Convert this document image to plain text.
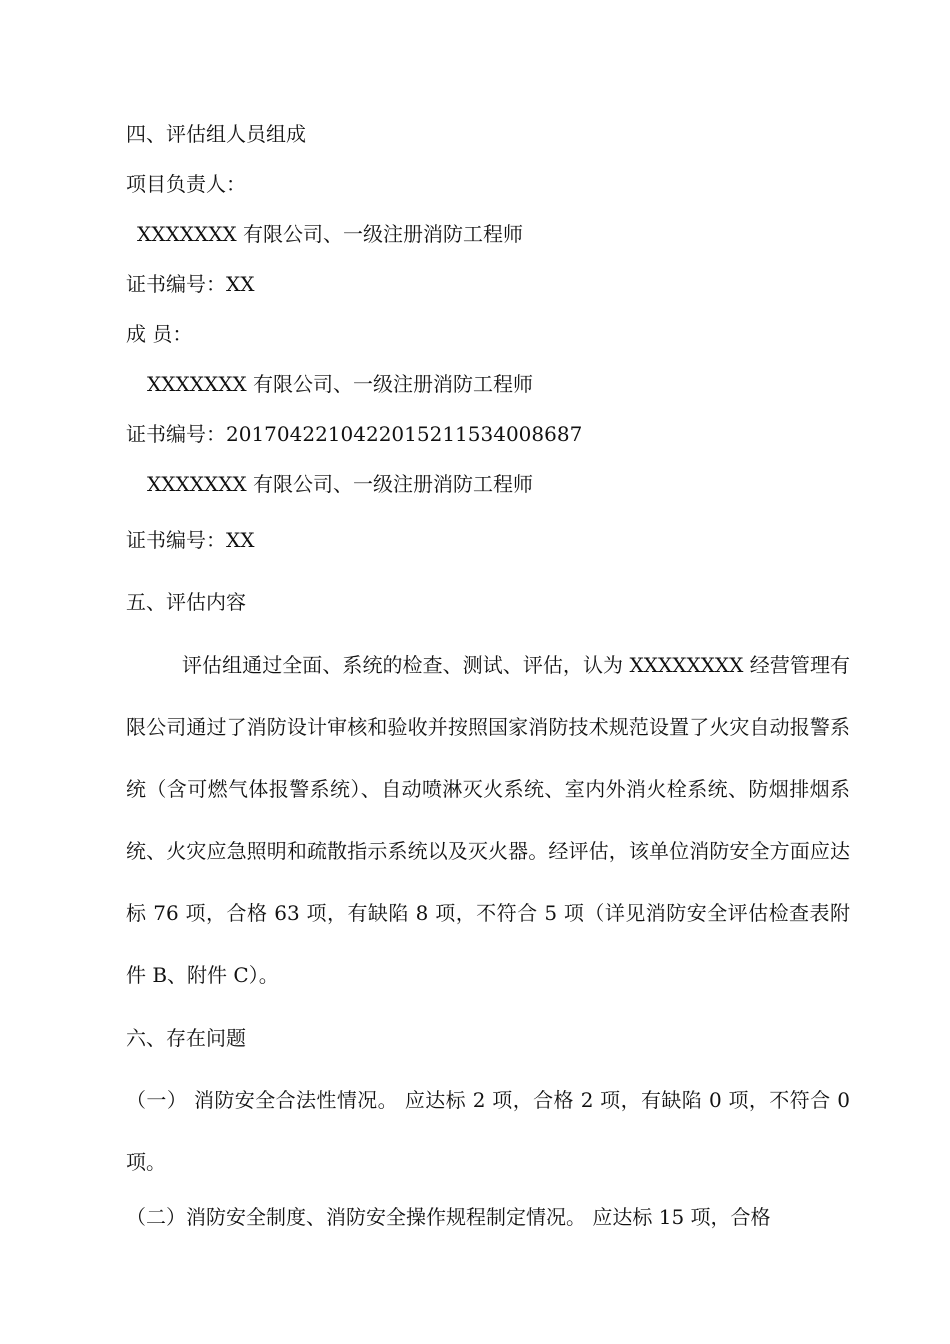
四、评估组人员组成
项目负责人：
XXXXXXX 有限公司、一级注册消防工程师
证书编号：XX
成 员：
XXXXXXX 有限公司、一级注册消防工程师
证书编号：20170422104220152115340086​87
XXXXXXX 有限公司、一级注册消防工程师
证书编号：XX
五、评估内容

评估组通过全面、系统的检查、测试、评估，认为 XXXXXXXX 经营管理有限公司通过了消防设计审核和验收并按照国家消防技术规范设置了火灾自动报警系统（含可燃气体报警系统）、自动喷淋灭火系统、室内外消火栓系统、防烟排烟系统、火灾应急照明和疏散指示系统以及灭火器。经评估，该单位消防安全方面应达标 76 项，合格 63 项，有缺陷 8 项，不符合 5 项（详见消防安全评估检查表附件 B、附件 C）。

六、存在问题

（一） 消防安全合法性情况。 应达标 2 项，合格 2 项，有缺陷 0 项，不符合 0 项。

（二）消防安全制度、消防安全操作规程制定情况。 应达标 15 项，合格
